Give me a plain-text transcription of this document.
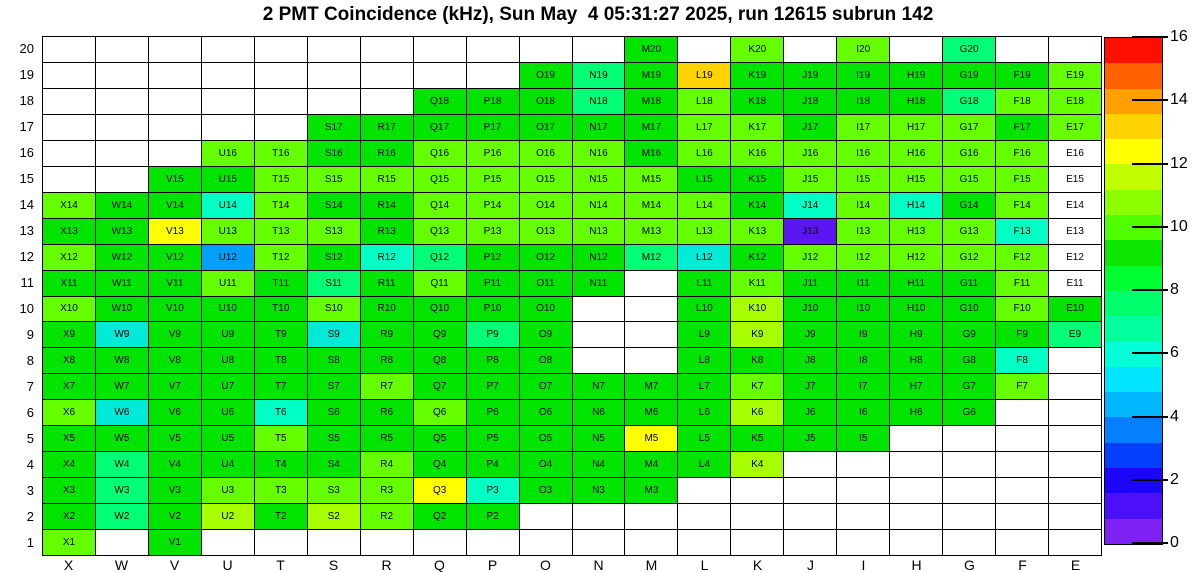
2 PMT Coincidence (kHz), Sun May  4 05:31:27 2025, run 12615 subrun 142
M20	K20	I20	G20
O19	N19	M19	L19	K19	J19	I19	H19	G19	F19	E19
Q18	P18	O18	N18	M18	L18	K18	J18	I18	H18	G18	F18	E18
S17	R17	Q17	P17	O17	N17	M17	L17	K17	J17	I17	H17	G17	F17	E17
U16	T16	S16	R16	Q16	P16	O16	N16	M16	L16	K16	J16	I16	H16	G16	F16	E16
V15	U15	T15	S15	R15	Q15	P15	O15	N15	M15	L15	K15	J15	I15	H15	G15	F15	E15
X14	W14	V14	U14	T14	S14	R14	Q14	P14	O14	N14	M14	L14	K14	J14	I14	H14	G14	F14	E14
X13	W13	V13	U13	T13	S13	R13	Q13	P13	O13	N13	M13	L13	K13	J13	I13	H13	G13	F13	E13
X12	W12	V12	U12	T12	S12	R12	Q12	P12	O12	N12	M12	L12	K12	J12	I12	H12	G12	F12	E12
X11	W11	V11	U11	T11	S11	R11	Q11	P11	O11	N11	L11	K11	J11	I11	H11	G11	F11	E11
X10	W10	V10	U10	T10	S10	R10	Q10	P10	O10	L10	K10	J10	I10	H10	G10	F10	E10
X9	W9	V9	U9	T9	S9	R9	Q9	P9	O9	L9	K9	J9	I9	H9	G9	F9	E9
X8	W8	V8	U8	T8	S8	R8	Q8	P8	O8	L8	K8	J8	I8	H8	G8	F8
X7	W7	V7	U7	T7	S7	R7	Q7	P7	O7	N7	M7	L7	K7	J7	I7	H7	G7	F7
X6	W6	V6	U6	T6	S6	R6	Q6	P6	O6	N6	M6	L6	K6	J6	I6	H6	G6
X5	W5	V5	U5	T5	S5	R5	Q5	P5	O5	N5	M5	L5	K5	J5	I5
X4	W4	V4	U4	T4	S4	R4	Q4	P4	O4	N4	M4	L4	K4
X3	W3	V3	U3	T3	S3	R3	Q3	P3	O3	N3	M3
X2	W2	V2	U2	T2	S2	R2	Q2	P2
X1	V1
20
19
18
17
16
15
14
13
12
11
10
9
8
7
6
5
4
3
2
1
X	W	V	U	T	S	R	Q	P	O	N	M	L	K	J	I	H	G	F	E
0
2
4
6
8
10
12
14
16
